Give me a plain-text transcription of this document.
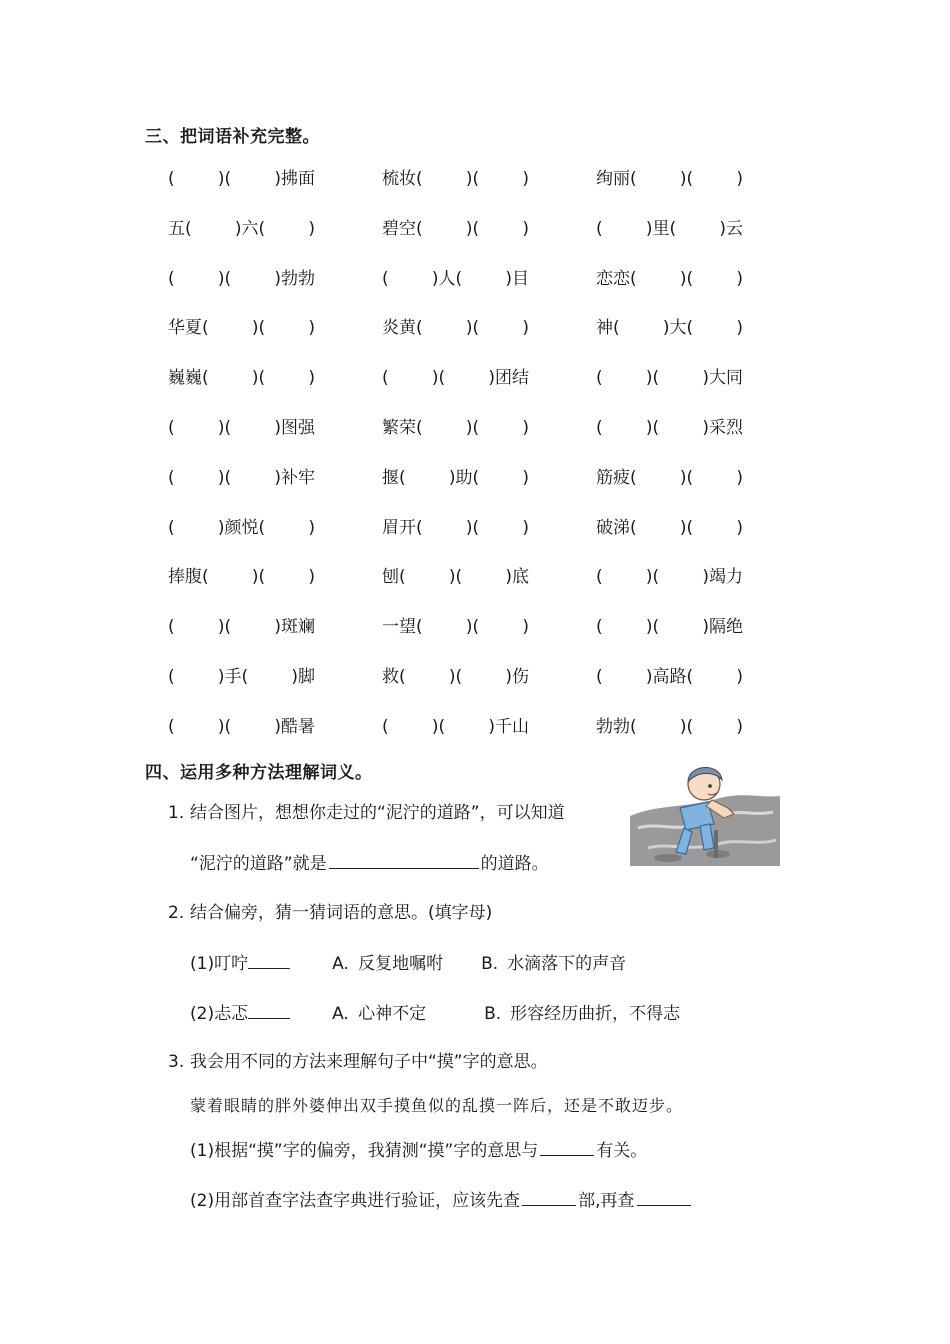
三、把词语补充完整。
(        )(        )拂面	梳妆(        )(        )	绚丽(        )(        )
五(        )六(        )	碧空(        )(        )	(        )里(        )云
(        )(        )勃勃	(        )人(        )目	恋恋(        )(        )
华夏(        )(        )	炎黄(        )(        )	神(        )大(        )
巍巍(        )(        )	(        )(        )团结	(        )(        )大同
(        )(        )图强	繁荣(        )(        )	(        )(        )采烈
(        )(        )补牢	揠(        )助(        )	筋疲(        )(        )
(        )颜悦(        )	眉开(        )(        )	破涕(        )(        )
捧腹(        )(        )	刨(        )(        )底	(        )(        )竭力
(        )(        )斑斓	一望(        )(        )	(        )(        )隔绝
(        )手(        )脚	救(        )(        )伤	(        )高路(        )
(        )(        )酷暑	(        )(        )千山	勃勃(        )(        )
四、运用多种方法理解词义。
1. 结合图片，想想你走过的“泥泞的道路”，可以知道
“泥泞的道路”就是	的道路。
2. 结合偏旁，猜一猜词语的意思。(填字母)
(1)叮咛	A. 反复地嘱咐 B. 水滴落下的声音
(2)忐忑	A. 心神不定	B. 形容经历曲折，不得志
3. 我会用不同的方法来理解句子中“摸”字的意思。
蒙着眼睛的胖外婆伸出双手摸鱼似的乱摸一阵后，还是不敢迈步。
(1)根据“摸”字的偏旁，我猜测“摸”字的意思与	有关。
(2)用部首查字法查字典进行验证，应该先查	部,再查
